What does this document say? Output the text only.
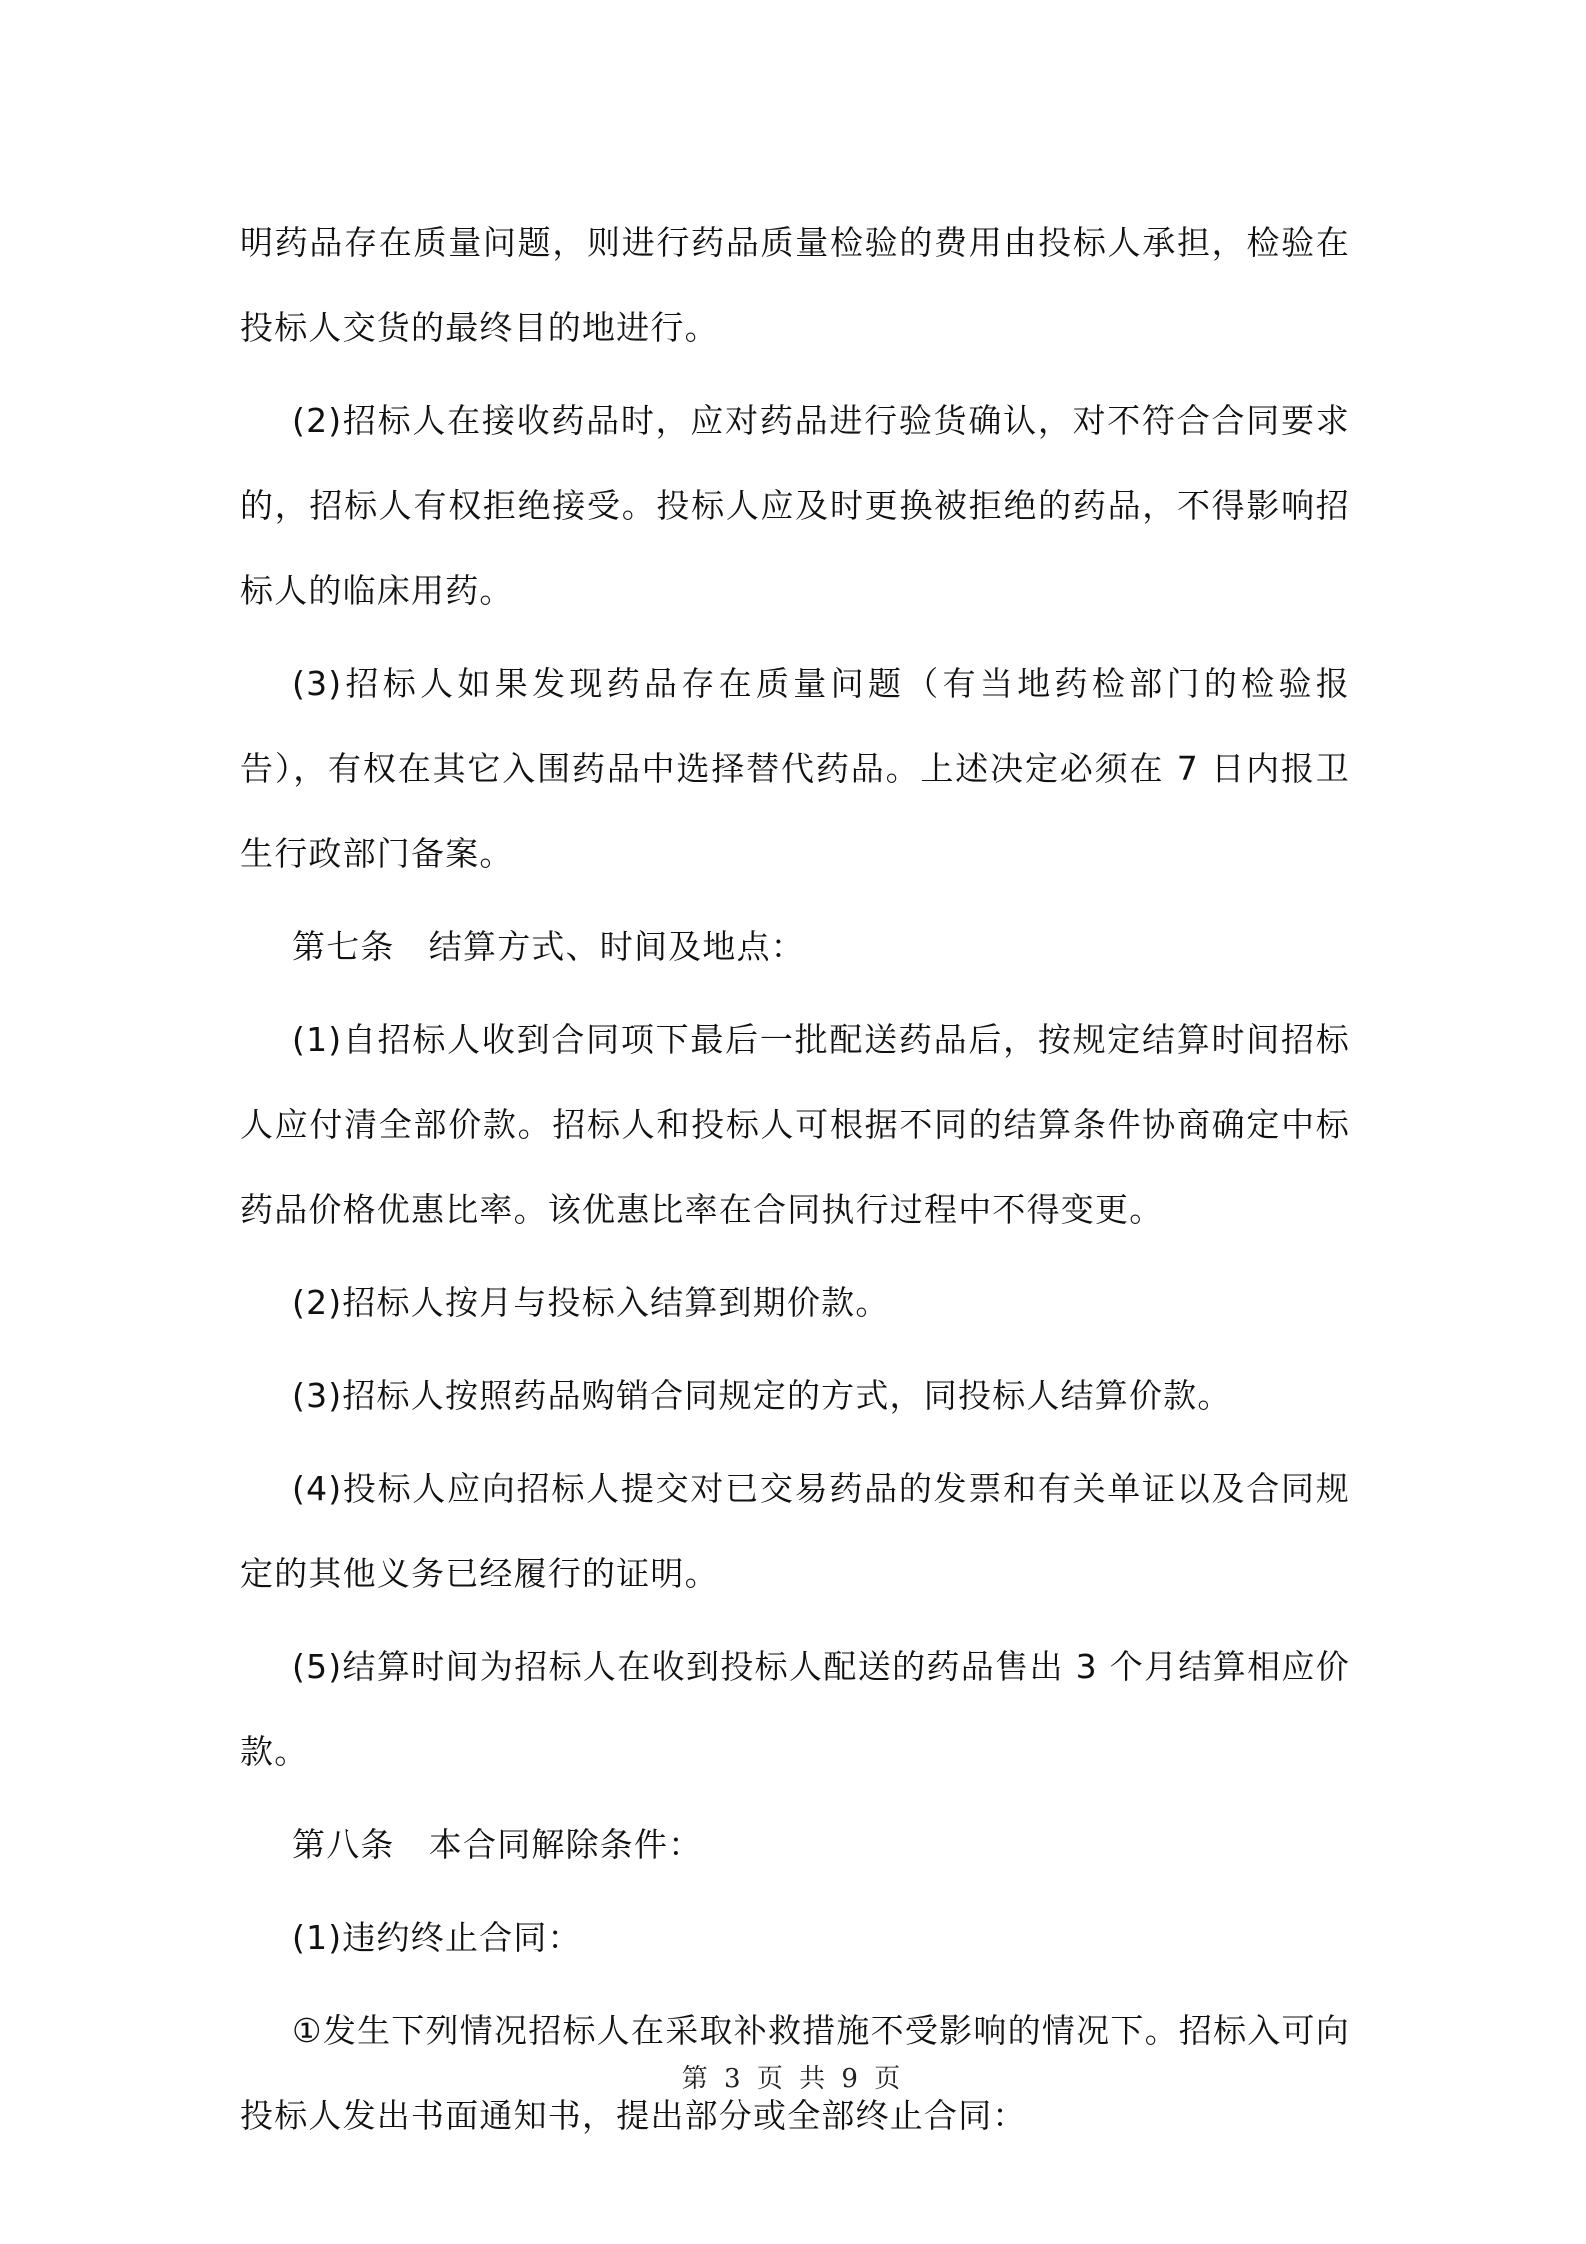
明药品存在质量问题，则进行药品质量检验的费用由投标人承担，检验在投标人交货的最终目的地进行。

(2)招标人在接收药品时，应对药品进行验货确认，对不符合合同要求的，招标人有权拒绝接受。投标人应及时更换被拒绝的药品，不得影响招标人的临床用药。

(3)招标人如果发现药品存在质量问题（有当地药检部门的检验报告），有权在其它入围药品中选择替代药品。上述决定必须在 7 日内报卫生行政部门备案。

第七条　结算方式、时间及地点：

(1)自招标人收到合同项下最后一批配送药品后，按规定结算时间招标人应付清全部价款。招标人和投标人可根据不同的结算条件协商确定中标药品价格优惠比率。该优惠比率在合同执行过程中不得变更。

(2)招标人按月与投标入结算到期价款。

(3)招标人按照药品购销合同规定的方式，同投标人结算价款。

(4)投标人应向招标人提交对已交易药品的发票和有关单证以及合同规定的其他义务已经履行的证明。

(5)结算时间为招标人在收到投标人配送的药品售出 3 个月结算相应价款。

第八条　本合同解除条件：

(1)违约终止合同：

①发生下列情况招标人在采取补救措施不受影响的情况下。招标入可向投标人发出书面通知书，提出部分或全部终止合同：

第 3 页 共 9 页
